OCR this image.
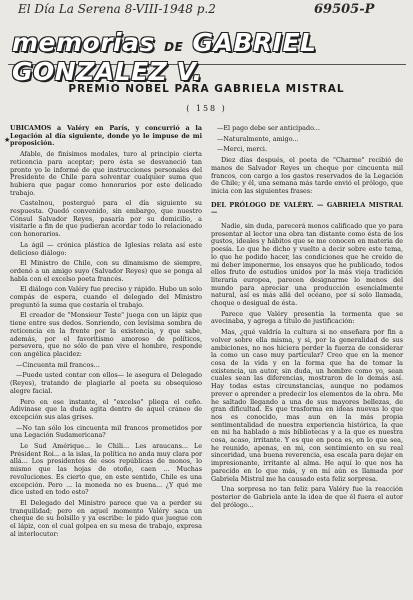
El Día La Serena 8-VIII-1948 p.2	69505-P
memorias DE GABRIEL GONZALEZ V.
PREMIO NOBEL PARA GABRIELA MISTRAL
( 158 )
★

UBICAMOS a Valéry en París, y concurrió a la Legación al día siguiente, donde yo le impuse de mi proposición.

Afable, de finísimos modales, turo al principio cierta reticencia para aceptar; pero ésta se desvaneció tan pronto yo le informé de que instrucciones personales del Presidente de Chile para solventar cualquier suma que hubiera que pagar como honorarios por este delicado trabajo.

Castelnou, posterguó para el día siguiente su respuesta. Quedó convenido, sin embargo, que nuestro Cónsul Salvador Reyes, pasaría por su domicilio, a visitarle a fin de que pudieran acordar todo lo relacionado con honorarios.

La ágil — crónica plástica de Iglesias relata así este delicioso diálogo:

El Ministro de Chile, con su dinamismo de siempre, ordenó a un amigo suyo (Salvador Reyes) que se ponga al habla con el excelso poeta francés.

El diálogo con Valéry fue preciso y rápido. Hubo un solo compás de espera, cuando el delegado del Ministro preguntó la suma que costaría el trabajo.

El creador de "Monsieur Teste" juega con un lápiz que tiene entre sus dedos. Sonriendo, con levísima sombra de reticencia en la frente por la existencia, y que sabe, además, por el favoritismo amoroso de políticos, persevera, que no sólo de pan vive el hombre, responde con angélica placidez:

—Cincuenta mil francos...

—Puede usted contar con ellos— le asegura el Delegado (Reyes), tratando de plagiarle al poeta su obsequioso alegre facial.

Pero en ese instante, el "excelso" pliega el ceño. Adivinase que la duda agita dentro de aquel cráneo de excepción sus alas grises.

—No tan sólo los cincuenta mil francos prometidos por una Legación Sudamericana?

Le Sud Amérique... le Chili... Les araucans... Le Président Roi... a la islas, la política no anda muy clara por allá... Los presidentes de esos repúblicas de monos, lo mismo que las hojas de otoño, caen ... Muchas revoluciones. Es cierto que, en este sentido, Chile es una excepción. Pero ... la moneda no es buena... ¿Y qué me dice usted en todo esto?

El Delegado del Ministro parece que va a perder su tranquilidad; pero en aquel momento Valéry saca un cheque de su bolsillo y ya escribe: le pido que juegue con el lápiz, con el cual golpea en su mesa de trabajo, expresa al interlocutor:

—El pago debe ser anticipado...

—Naturalmente, amigo...

—Merci, merci.

Diez días después, el poeta de "Charme" recibió de manos de Salvador Reyes un cheque por cincuenta mil francos, con cargo a los gastos reservados de la Legación de Chile; y él, una semana más tarde envió el prólogo, que inicia con las siguientes frases:

DEL PRÓLOGO DE VALÉRY. — GABRIELA MISTRAL —

Nadie, sin duda, parecerá menos calificado que yo para presentar al lector una obra tan distante como ésta de los gustos, ideales y hábitos que se me conocen en materia de poesía. Lo que he dicho y vuelto a decir sobre este tema, lo que he podido hacer, las condiciones que he creído de mi deber imponerme, los ensayos que he publicado, todos ellos fruto de estudios unidos por la más vieja tradición literaria europea, parecen designarme lo menos del mundo para apreciar una producción esencialmente natural, así es más allá del océano, por sí solo llamada, choque o desigual de ésta.

Parece que Valéry presentía la tormenta que se avecinaba, y agrega a título de justificación:

Mas, ¿qué valdría la cultura si no enseñara por fin a volver sobre ella misma, y si, por la generalidad de sus ambiciones, no nos hiciera perder la fuerza de considerar la como un caso muy particular? Creo que en la menor cosa de la vida y en la forma que ha de tomar la existencia, un autor, sin duda, un hombre como yo, sean cuales sean las diferencias, mostraron de lo demás así. Hay todas estas circunstancias, aunque no podamos prever o aprender a predecir los elementos de la obra. Me he saltado llegando a una de sus mayores bellezas, de gran dificultad. Es que trasforma en ideas nuevas lo que nos es conocido, mas aun en la más propia sentimentalidad de nuestra experiencia histórica, la que en mi ha hablado a mis bibliotecas y a la que es nuestra cosa, acaso, irritante. Y es que en poca es, en lo que sea, he reunido, apenas, en mi, con sentimiento en su real sinceridad, una buena reverencia, esa escala para dejar en impresionante, irritante al alma. He aquí lo que nos ha parecido en lo que más, y en mí aún es llamada por Gabriela Mistral me ha causado esta feliz sorpresa.

Una sorpresa no tan feliz para Valéry fue la reacción posterior de Gabriela ante la idea de que él fuera el autor del prólogo...
